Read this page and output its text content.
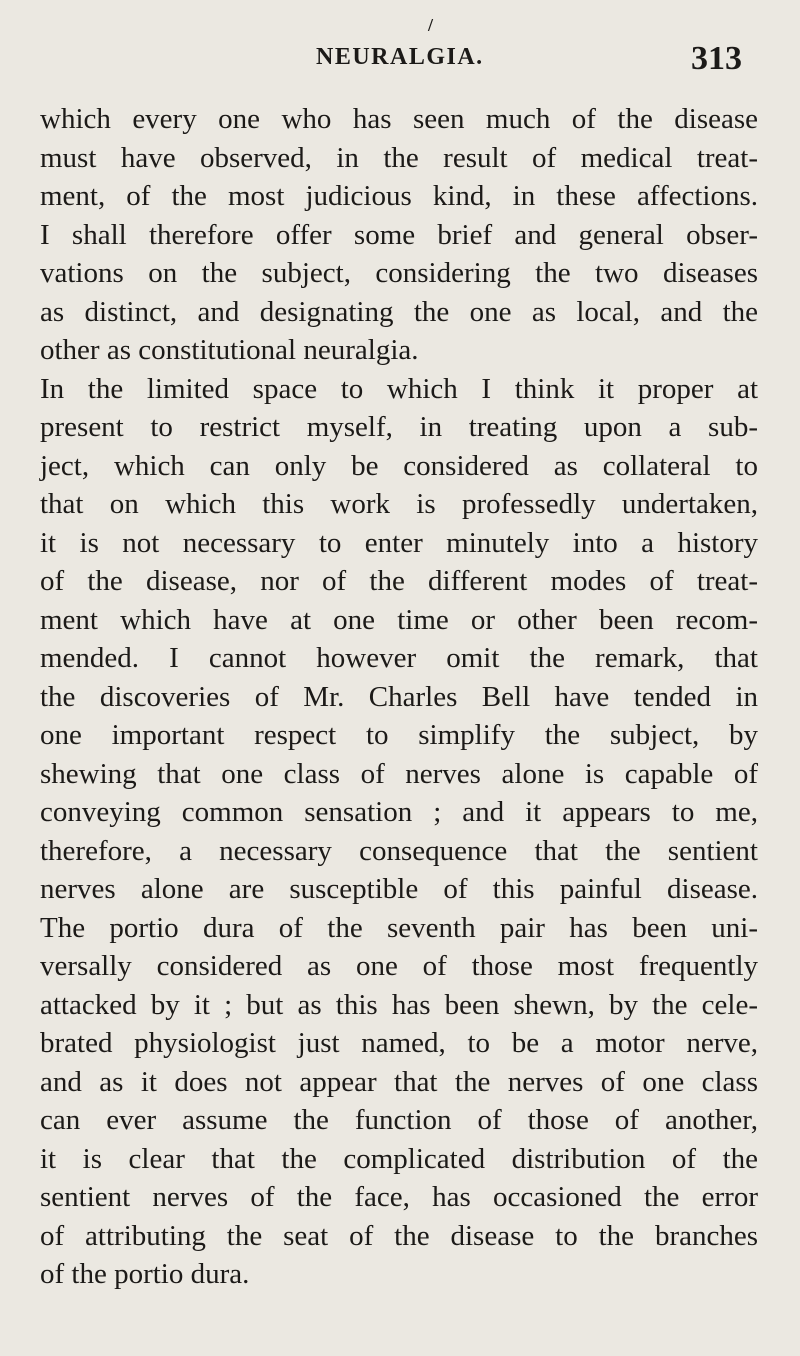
/
NEURALGIA.	313
which every one who has seen much of the disease
must have observed, in the result of medical treat-
ment, of the most judicious kind, in these affections.
I shall therefore offer some brief and general obser-
vations on the subject, considering the two diseases
as distinct, and designating the one as local, and the
other as constitutional neuralgia.
In the limited space to which I think it proper at
present to restrict myself, in treating upon a sub-
ject, which can only be considered as collateral to
that on which this work is professedly undertaken,
it is not necessary to enter minutely into a history
of the disease, nor of the different modes of treat-
ment which have at one time or other been recom-
mended. I cannot however omit the remark, that
the discoveries of Mr. Charles Bell have tended in
one important respect to simplify the subject, by
shewing that one class of nerves alone is capable of
conveying common sensation ; and it appears to me,
therefore, a necessary consequence that the sentient
nerves alone are susceptible of this painful disease.
The portio dura of the seventh pair has been uni-
versally considered as one of those most frequently
attacked by it ; but as this has been shewn, by the cele-
brated physiologist just named, to be a motor nerve,
and as it does not appear that the nerves of one class
can ever assume the function of those of another,
it is clear that the complicated distribution of the
sentient nerves of the face, has occasioned the error
of attributing the seat of the disease to the branches
of the portio dura.
